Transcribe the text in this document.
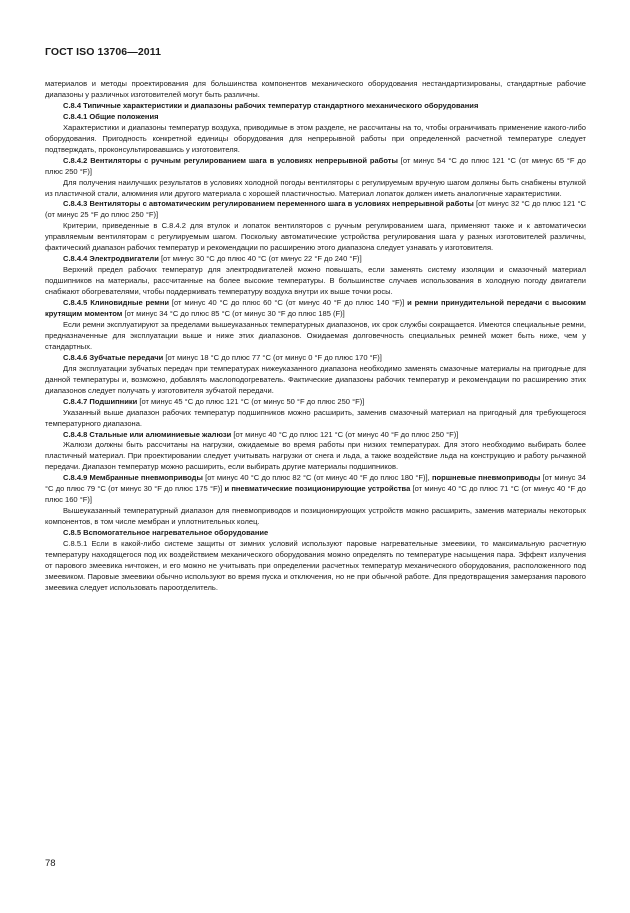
ГОСТ ISO 13706—2011

материалов и методы проектирования для большинства компонентов механического оборудования нестандартизированы, стандартные рабочие диапазоны у различных изготовителей могут быть различны.

С.8.4 Типичные характеристики и диапазоны рабочих температур стандартного механического оборудования

С.8.4.1 Общие положения

Характеристики и диапазоны температур воздуха, приводимые в этом разделе, не рассчитаны на то, чтобы ограничивать применение какого-либо оборудования. Пригодность конкретной единицы оборудования для непрерывной работы при определенной расчетной температуре следует подтверждать, проконсультировавшись у изготовителя.

С.8.4.2 Вентиляторы с ручным регулированием шага в условиях непрерывной работы [от минус 54 °С до плюс 121 °С (от минус 65 °F до плюс 250 °F)]

Для получения наилучших результатов в условиях холодной погоды вентиляторы с регулируемым вручную шагом должны быть снабжены втулкой из пластичной стали, алюминия или другого материала с хорошей пластичностью. Материал лопаток должен иметь аналогичные характеристики.

С.8.4.3 Вентиляторы с автоматическим регулированием переменного шага в условиях непрерывной работы [от минус 32 °С до плюс 121 °С (от минус 25 °F до плюс 250 °F)]

Критерии, приведенные в С.8.4.2 для втулок и лопаток вентиляторов с ручным регулированием шага, применяют также и к автоматически управляемым вентиляторам с регулируемым шагом. Поскольку автоматические устройства регулирования шага у разных изготовителей различны, фактический диапазон рабочих температур и рекомендации по расширению этого диапазона следует узнавать у изготовителя.

С.8.4.4 Электродвигатели [от минус 30 °С до плюс 40 °С (от минус 22 °F до 240 °F)]

Верхний предел рабочих температур для электродвигателей можно повышать, если заменять систему изоляции и смазочный материал подшипников на материалы, рассчитанные на более высокие температуры. В большинстве случаев использования в холодную погоду двигатели снабжают обогревателями, чтобы поддерживать температуру воздуха внутри их выше точки росы.

С.8.4.5 Клиновидные ремни [от минус 40 °С до плюс 60 °С (от минус 40 °F до плюс 140 °F)] и ремни принудительной передачи с высоким крутящим моментом [от минус 34 °С до плюс 85 °С (от минус 30 °F до плюс 185 (F)]

Если ремни эксплуатируют за пределами вышеуказанных температурных диапазонов, их срок службы сокращается. Имеются специальные ремни, предназначенные для эксплуатации выше и ниже этих диапазонов. Ожидаемая долговечность специальных ремней может быть ниже, чем у стандартных.

С.8.4.6 Зубчатые передачи [от минус 18 °С до плюс 77 °С (от минус 0 °F до плюс 170 °F)]

Для эксплуатации зубчатых передач при температурах нижеуказанного диапазона необходимо заменять смазочные материалы на пригодные для данной температуры и, возможно, добавлять маслоподогреватель. Фактические диапазоны рабочих температур и рекомендации по расширению этих диапазонов следует получать у изготовителя зубчатой передачи.

С.8.4.7 Подшипники [от минус 45 °С до плюс 121 °С (от минус 50 °F до плюс 250 °F)]

Указанный выше диапазон рабочих температур подшипников можно расширить, заменив смазочный материал на пригодный для требующегося температурного диапазона.

С.8.4.8 Стальные или алюминиевые жалюзи [от минус 40 °С до плюс 121 °С (от минус 40 °F до плюс 250 °F)]

Жалюзи должны быть рассчитаны на нагрузки, ожидаемые во время работы при низких температурах. Для этого необходимо выбирать более пластичный материал. При проектировании следует учитывать нагрузки от снега и льда, а также воздействие льда на конструкцию и работу рычажной передачи. Диапазон температур можно расширить, если выбирать другие материалы подшипников.

С.8.4.9 Мембранные пневмоприводы [от минус 40 °С до плюс 82 °С (от минус 40 °F до плюс 180 °F)], поршневые пневмоприводы [от минус 34 °С до плюс 79 °С (от минус 30 °F до плюс 175 °F)] и пневматические позиционирующие устройства [от минус 40 °С до плюс 71 °С (от минус 40 °F до плюс 160 °F)]

Вышеуказанный температурный диапазон для пневмоприводов и позиционирующих устройств можно расширить, заменив материалы некоторых компонентов, в том числе мембран и уплотнительных колец.

С.8.5 Вспомогательное нагревательное оборудование

С.8.5.1 Если в какой-либо системе защиты от зимних условий используют паровые нагревательные змеевики, то максимальную расчетную температуру находящегося под их воздействием механического оборудования можно определять по температуре насыщения пара. Эффект излучения от парового змеевика ничтожен, и его можно не учитывать при определении расчетных температур механического оборудования, расположенного под змеевиком. Паровые змеевики обычно используют во время пуска и отключения, но не при обычной работе. Для предотвращения замерзания парового змеевика следует использовать пароотделитель.

78
